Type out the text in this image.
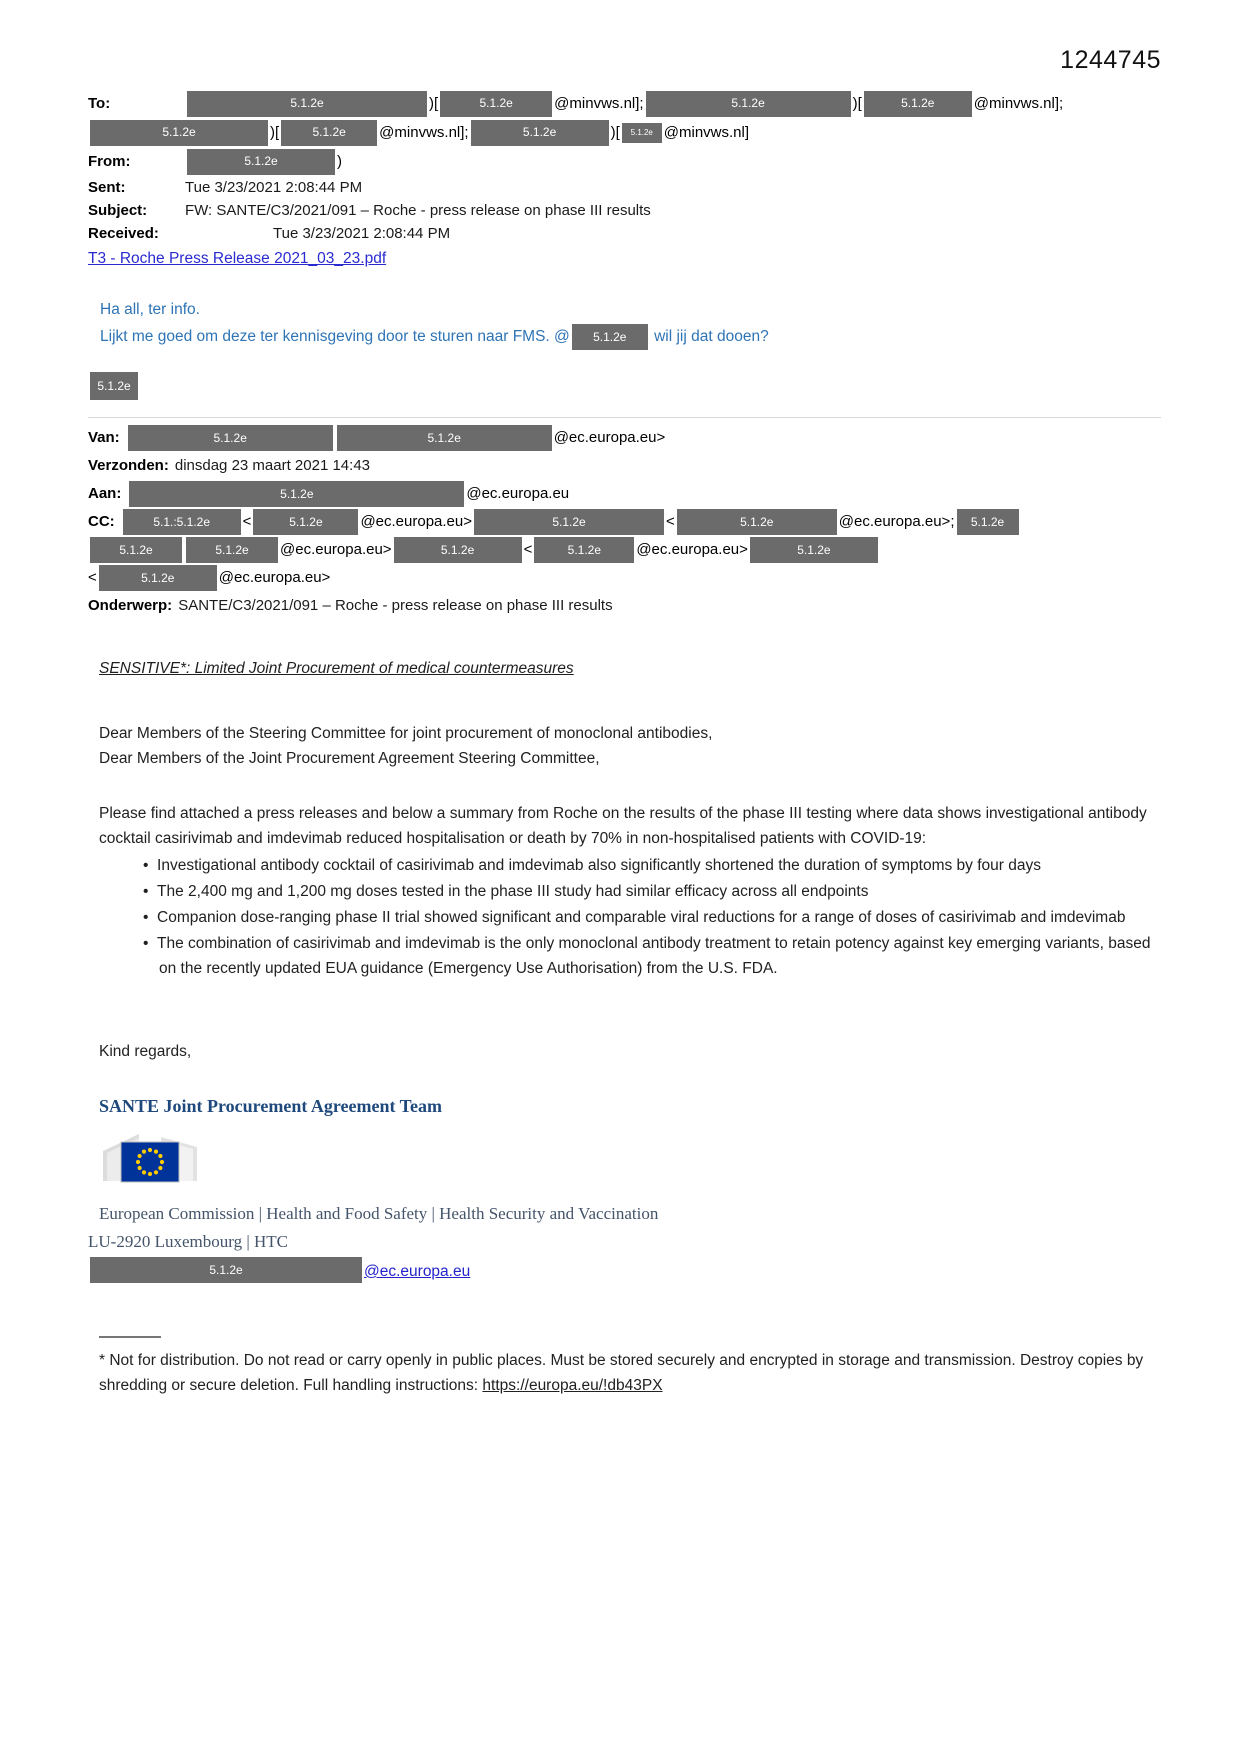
1244745
To:	5.1.2e	)[	5.1.2e	@minvws.nl];	5.1.2e	)[	5.1.2e	@minvws.nl];
5.1.2e	)[	5.1.2e	@minvws.nl];	5.1.2e	)[	5.1.2e @minvws.nl]
From:	5.1.2e	)
Sent:	Tue 3/23/2021 2:08:44 PM
Subject:	FW: SANTE/C3/2021/091 – Roche - press release on phase III results
Received:	Tue 3/23/2021 2:08:44 PM
T3 - Roche Press Release 2021_03_23.pdf
Ha all, ter info.
Lijkt me goed om deze ter kennisgeving door te sturen naar FMS. @	5.1.2e	wil jij dat dooen?
5.1.2e
Van:	5.1.2e	5.1.2e	@ec.europa.eu>
Verzonden: dinsdag 23 maart 2021 14:43
Aan:	5.1.2e	@ec.europa.eu
CC:	5.1.:5.1.2e	<	5.1.2e	@ec.europa.eu>	5.1.2e	<	5.1.2e	@ec.europa.eu>;	5.1.2e
5.1.2e	5.1.2e	@ec.europa.eu>	5.1.2e	<	5.1.2e	@ec.europa.eu>	5.1.2e
<	5.1.2e	@ec.europa.eu>
Onderwerp: SANTE/C3/2021/091 – Roche - press release on phase III results
SENSITIVE*: Limited Joint Procurement of medical countermeasures
Dear Members of the Steering Committee for joint procurement of monoclonal antibodies,
Dear Members of the Joint Procurement Agreement Steering Committee,
Please find attached a press releases and below a summary from Roche on the results of the phase III testing where data shows investigational antibody cocktail casirivimab and imdevimab reduced hospitalisation or death by 70% in non-hospitalised patients with COVID-19:
•  Investigational antibody cocktail of casirivimab and imdevimab also significantly shortened the duration of symptoms by four days
•  The 2,400 mg and 1,200 mg doses tested in the phase III study had similar efficacy across all endpoints
•  Companion dose-ranging phase II trial showed significant and comparable viral reductions for a range of doses of casirivimab and imdevimab
•  The combination of casirivimab and imdevimab is the only monoclonal antibody treatment to retain potency against key emerging variants, based on the recently updated EUA guidance (Emergency Use Authorisation) from the U.S. FDA.
Kind regards,
SANTE Joint Procurement Agreement Team
European Commission | Health and Food Safety | Health Security and Vaccination
LU-2920 Luxembourg | HTC
5.1.2e	@ec.europa.eu
* Not for distribution. Do not read or carry openly in public places. Must be stored securely and encrypted in storage and transmission. Destroy copies by shredding or secure deletion. Full handling instructions: https://europa.eu/!db43PX
